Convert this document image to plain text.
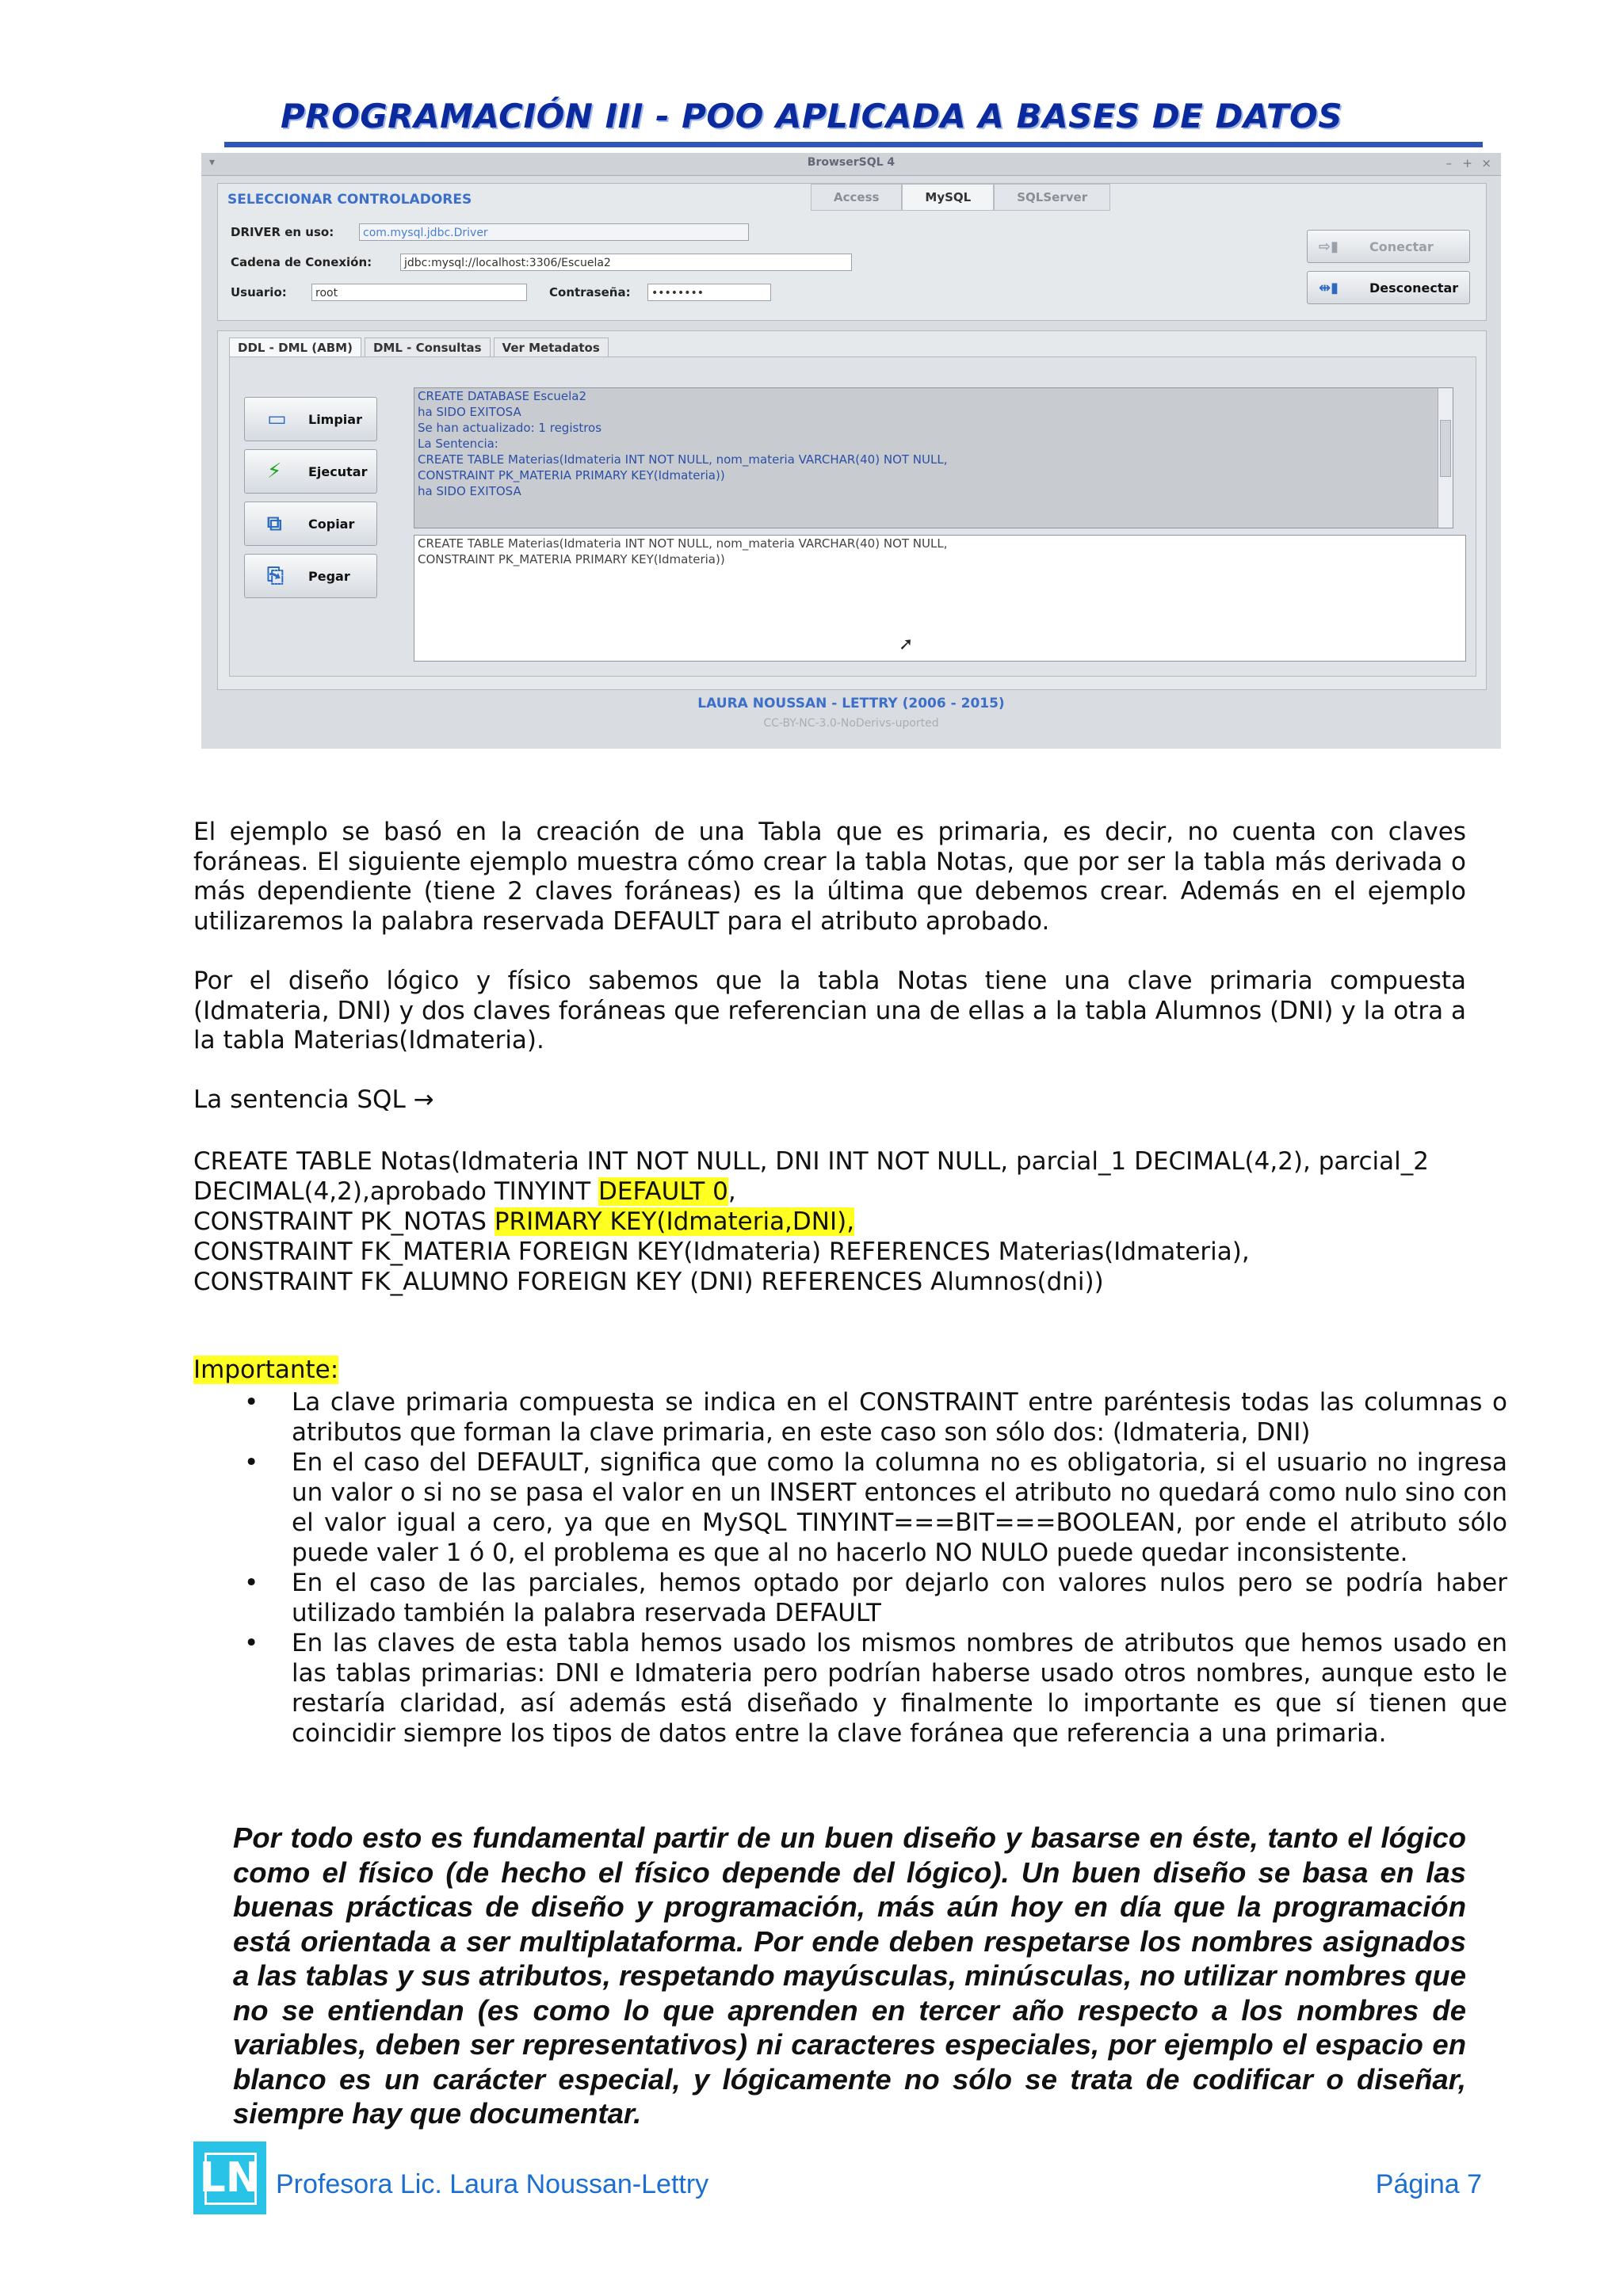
PROGRAMACIÓN III - POO APLICADA A BASES DE DATOS
▾	BrowserSQL 4	– + ×
SELECCIONAR CONTROLADORES	Access	MySQL	SQLServer
DRIVER en uso:	com.mysql.jdbc.Driver
Cadena de Conexión:	jdbc:mysql://localhost:3306/Escuela2
Usuario:	root	Contraseña:	••••••••
⇨▮ Conectar
⇹▮ Desconectar
DDL - DML (ABM)	DML - Consultas	Ver Metadatos
▭ Limpiar
⚡ Ejecutar
⧉ Copiar
⎘ Pegar
CREATE DATABASE Escuela2
ha SIDO EXITOSA
Se han actualizado: 1 registros
La Sentencia:
CREATE TABLE Materias(Idmateria INT NOT NULL, nom_materia VARCHAR(40) NOT NULL,
CONSTRAINT PK_MATERIA PRIMARY KEY(Idmateria))
ha SIDO EXITOSA
CREATE TABLE Materias(Idmateria INT NOT NULL, nom_materia VARCHAR(40) NOT NULL,
CONSTRAINT PK_MATERIA PRIMARY KEY(Idmateria))
➚
LAURA NOUSSAN - LETTRY (2006 - 2015)
CC-BY-NC-3.0-NoDerivs-uported
El ejemplo se basó en la creación de una Tabla que es primaria, es decir, no cuenta con claves foráneas. El siguiente ejemplo muestra cómo crear la tabla Notas, que por ser la tabla más derivada o más dependiente (tiene 2 claves foráneas) es la última que debemos crear. Además en el ejemplo utilizaremos la palabra reservada DEFAULT para el atributo aprobado.
Por el diseño lógico y físico sabemos que la tabla Notas tiene una clave primaria compuesta (Idmateria, DNI) y dos claves foráneas que referencian una de ellas a la tabla Alumnos (DNI) y la otra a la tabla Materias(Idmateria).
La sentencia SQL →
CREATE TABLE Notas(Idmateria INT NOT NULL, DNI INT NOT NULL, parcial_1 DECIMAL(4,2), parcial_2
DECIMAL(4,2),aprobado TINYINT DEFAULT 0,
CONSTRAINT PK_NOTAS PRIMARY KEY(Idmateria,DNI),
CONSTRAINT FK_MATERIA FOREIGN KEY(Idmateria) REFERENCES Materias(Idmateria),
CONSTRAINT FK_ALUMNO FOREIGN KEY (DNI) REFERENCES Alumnos(dni))
Importante:
• La clave primaria compuesta se indica en el CONSTRAINT entre paréntesis todas las columnas o atributos que forman la clave primaria, en este caso son sólo dos: (Idmateria, DNI)
• En el caso del DEFAULT, significa que como la columna no es obligatoria, si el usuario no ingresa un valor o si no se pasa el valor en un INSERT entonces el atributo no quedará como nulo sino con el valor igual a cero, ya que en MySQL TINYINT===BIT===BOOLEAN, por ende el atributo sólo puede valer 1 ó 0, el problema es que al no hacerlo NO NULO puede quedar inconsistente.
• En el caso de las parciales, hemos optado por dejarlo con valores nulos pero se podría haber utilizado también la palabra reservada DEFAULT
• En las claves de esta tabla hemos usado los mismos nombres de atributos que hemos usado en las tablas primarias: DNI e Idmateria pero podrían haberse usado otros nombres, aunque esto le restaría claridad, así además está diseñado y finalmente lo importante es que sí tienen que coincidir siempre los tipos de datos entre la clave foránea que referencia a una primaria.
Por todo esto es fundamental partir de un buen diseño y basarse en éste, tanto el lógico como el físico (de hecho el físico depende del lógico). Un buen diseño se basa en las buenas prácticas de diseño y programación, más aún hoy en día que la programación está orientada a ser multiplataforma. Por ende deben respetarse los nombres asignados a las tablas y sus atributos, respetando mayúsculas, minúsculas, no utilizar nombres que no se entiendan (es como lo que aprenden en tercer año respecto a los nombres de variables, deben ser representativos) ni caracteres especiales, por ejemplo el espacio en blanco es un carácter especial, y lógicamente no sólo se trata de codificar o diseñar, siempre hay que documentar.
LN Profesora Lic. Laura Noussan-Lettry	Página 7
